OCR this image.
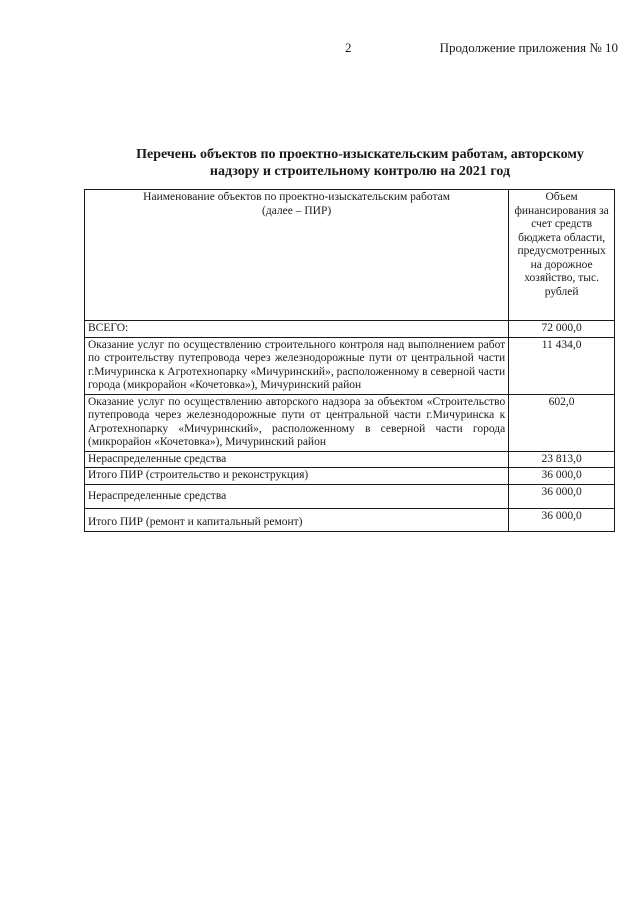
2	Продолжение приложения № 10
Перечень объектов по проектно-изыскательским работам, авторскому
надзору и строительному контролю на 2021 год
Наименование объектов по проектно-изыскательским работам
(далее – ПИР)	Объем финансирования за счет средств бюджета области, предусмотренных на дорожное хозяйство, тыс. рублей
ВСЕГО:	72 000,0
Оказание услуг по осуществлению строительного контроля над выполнением работ по строительству путепровода через железнодорожные пути от центральной части г.Мичуринска к Агротехнопарку «Мичуринский», расположенному в северной части города (микрорайон «Кочетовка»), Мичуринский район	11 434,0
Оказание услуг по осуществлению авторского надзора за объектом «Строительство путепровода через железнодорожные пути от центральной части г.Мичуринска к Агротехнопарку «Мичуринский», расположенному в северной части города (микрорайон «Кочетовка»), Мичуринский район	602,0
Нераспределенные средства	23 813,0
Итого ПИР (строительство и реконструкция)	36 000,0
Нераспределенные средства	36 000,0
Итого ПИР (ремонт и капитальный ремонт)	36 000,0
